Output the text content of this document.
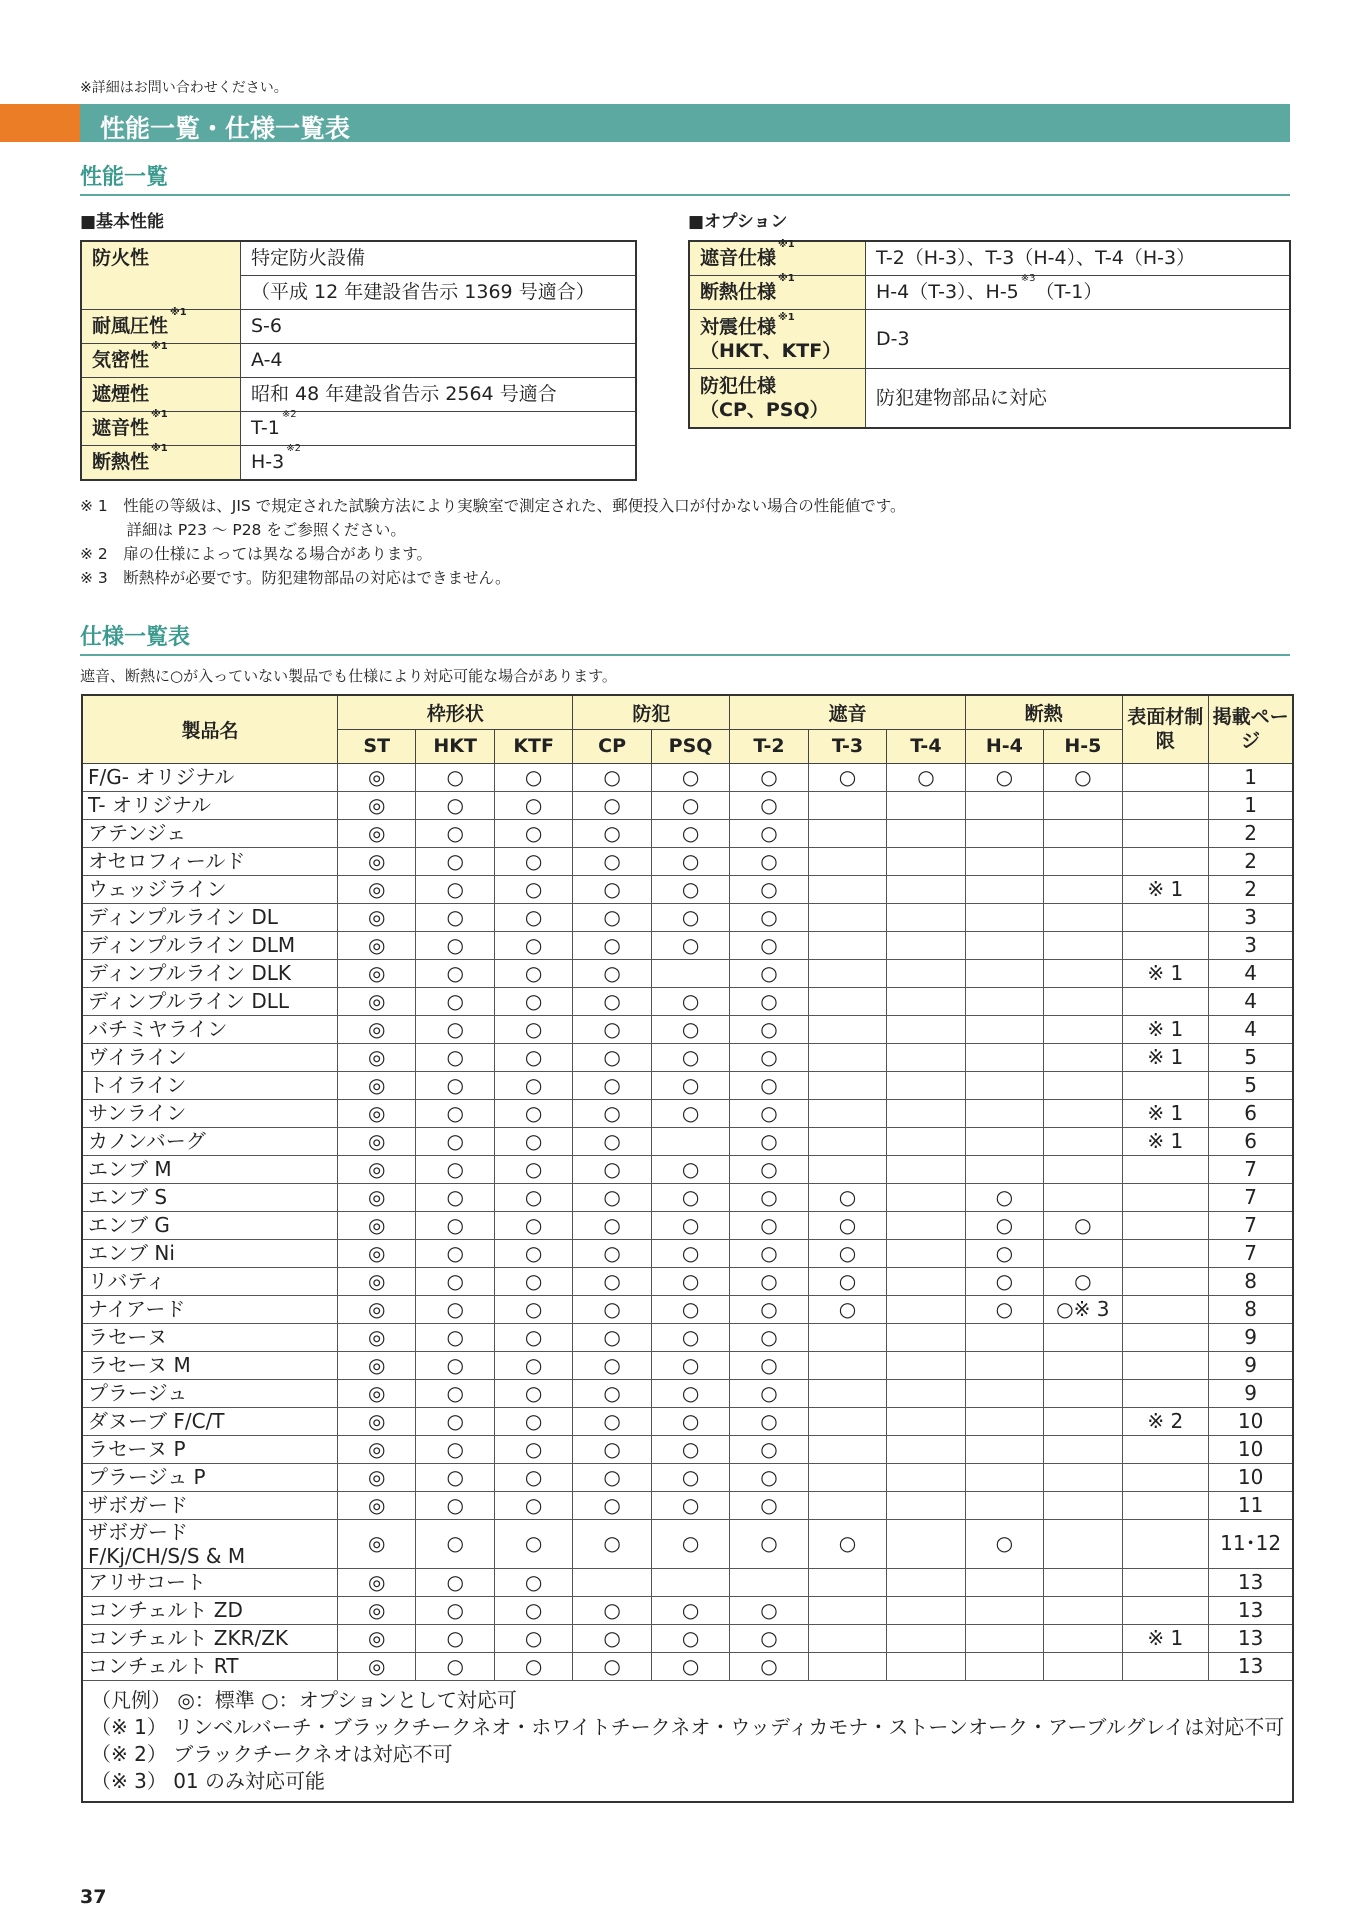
※詳細はお問い合わせください。
性能一覧・仕様一覧表
性能一覧
■基本性能	■オプション
防火性	特定防火設備
	（平成 12 年建設省告示 1369 号適合）
耐風圧性$^{※1}$	S-6
気密性$^{※1}$	A-4
遮煙性	昭和 48 年建設省告示 2564 号適合
遮音性$^{※1}$	T-1$^{※2}$
断熱性$^{※1}$	H-3$^{※2}$
遮音仕様$^{※1}$	T-2（H-3）、T-3（H-4）、T-4（H-3）
断熱仕様$^{※1}$	H-4（T-3）、H-5$^{※3}$（T-1）
対震仕様 $^{※1}$
（HKT、KTF）	D-3
防犯仕様
（CP、PSQ）	防犯建物部品に対応
※ 1　性能の等級は、JIS で規定された試験方法により実験室で測定された、郵便投入口が付かない場合の性能値です。
　　　詳細は P23 ～ P28 をご参照ください。
※ 2　扉の仕様によっては異なる場合があります。
※ 3　断熱枠が必要です。防犯建物部品の対応はできません。
仕様一覧表
遮音、断熱に○が入っていない製品でも仕様により対応可能な場合があります。
製品名	枠形状			防犯		遮音			断熱		表面材制限	掲載ページ
	ST	HKT	KTF	CP	PSQ	T-2	T-3	T-4	H-4	H-5		
F/G- オリジナル	◎	○	○	○	○	○	○	○	○	○		1
T- オリジナル	◎	○	○	○	○	○						1
アテンジェ	◎	○	○	○	○	○						2
オセロフィールド	◎	○	○	○	○	○						2
ウェッジライン	◎	○	○	○	○	○					※ 1	2
ディンプルライン DL	◎	○	○	○	○	○						3
ディンプルライン DLM	◎	○	○	○	○	○						3
ディンプルライン DLK	◎	○	○	○		○					※ 1	4
ディンプルライン DLL	◎	○	○	○	○	○						4
バチミヤライン	◎	○	○	○	○	○					※ 1	4
ヴイライン	◎	○	○	○	○	○					※ 1	5
トイライン	◎	○	○	○	○	○						5
サンライン	◎	○	○	○	○	○					※ 1	6
カノンバーグ	◎	○	○	○		○					※ 1	6
エンブ M	◎	○	○	○	○	○						7
エンブ S	◎	○	○	○	○	○	○		○			7
エンブ G	◎	○	○	○	○	○	○		○	○		7
エンブ Ni	◎	○	○	○	○	○	○		○			7
リバティ	◎	○	○	○	○	○	○		○	○		8
ナイアード	◎	○	○	○	○	○	○		○	○※ 3		8
ラセーヌ	◎	○	○	○	○	○						9
ラセーヌ M	◎	○	○	○	○	○						9
プラージュ	◎	○	○	○	○	○						9
ダヌーブ F/C/T	◎	○	○	○	○	○					※ 2	10
ラセーヌ P	◎	○	○	○	○	○						10
プラージュ P	◎	○	○	○	○	○						10
ザボガード	◎	○	○	○	○	○						11
ザボガード
F/Kj/CH/S/S & M	◎	○	○	○	○	○	○		○			11･12
アリサコート	◎	○	○									13
コンチェルト ZD	◎	○	○	○	○	○						13
コンチェルト ZKR/ZK	◎	○	○	○	○	○					※ 1	13
コンチェルト RT	◎	○	○	○	○	○						13

（凡例） ◎：標準 ○：オプションとして対応可
（※ 1） リンベルバーチ・ブラックチークネオ・ホワイトチークネオ・ウッディカモナ・ストーンオーク・アーブルグレイは対応不可
（※ 2） ブラックチークネオは対応不可
（※ 3） 01 のみ対応可能												
37
